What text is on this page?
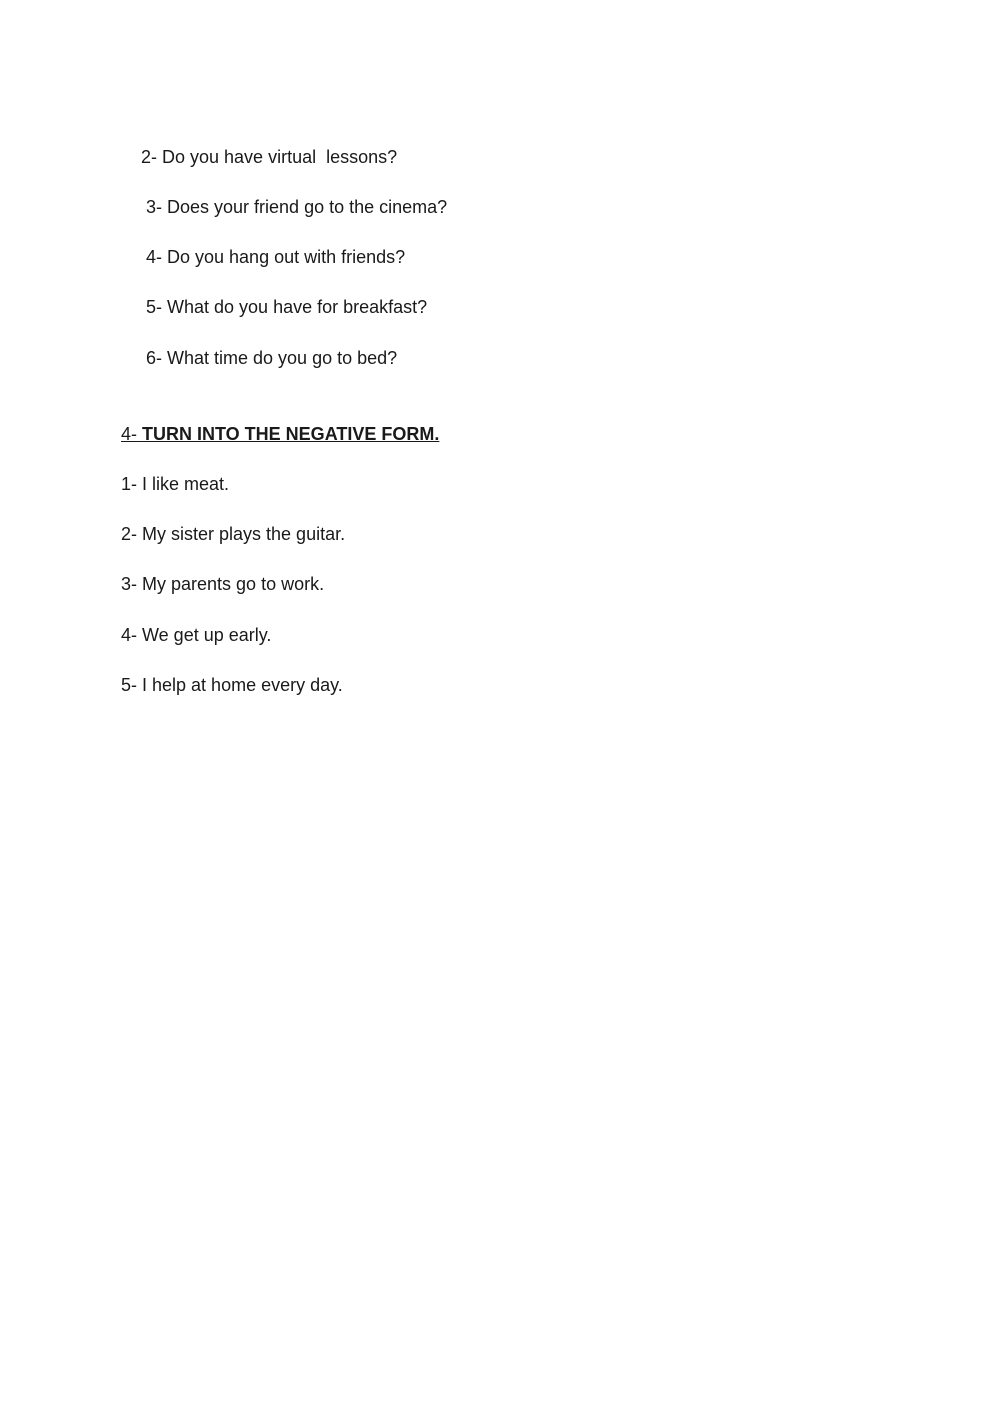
2- Do you have virtual  lessons?
3- Does your friend go to the cinema?
4- Do you hang out with friends?
5- What do you have for breakfast?
6- What time do you go to bed?
4- TURN INTO THE NEGATIVE FORM.
1- I like meat.
2- My sister plays the guitar.
3- My parents go to work.
4- We get up early.
5- I help at home every day.
